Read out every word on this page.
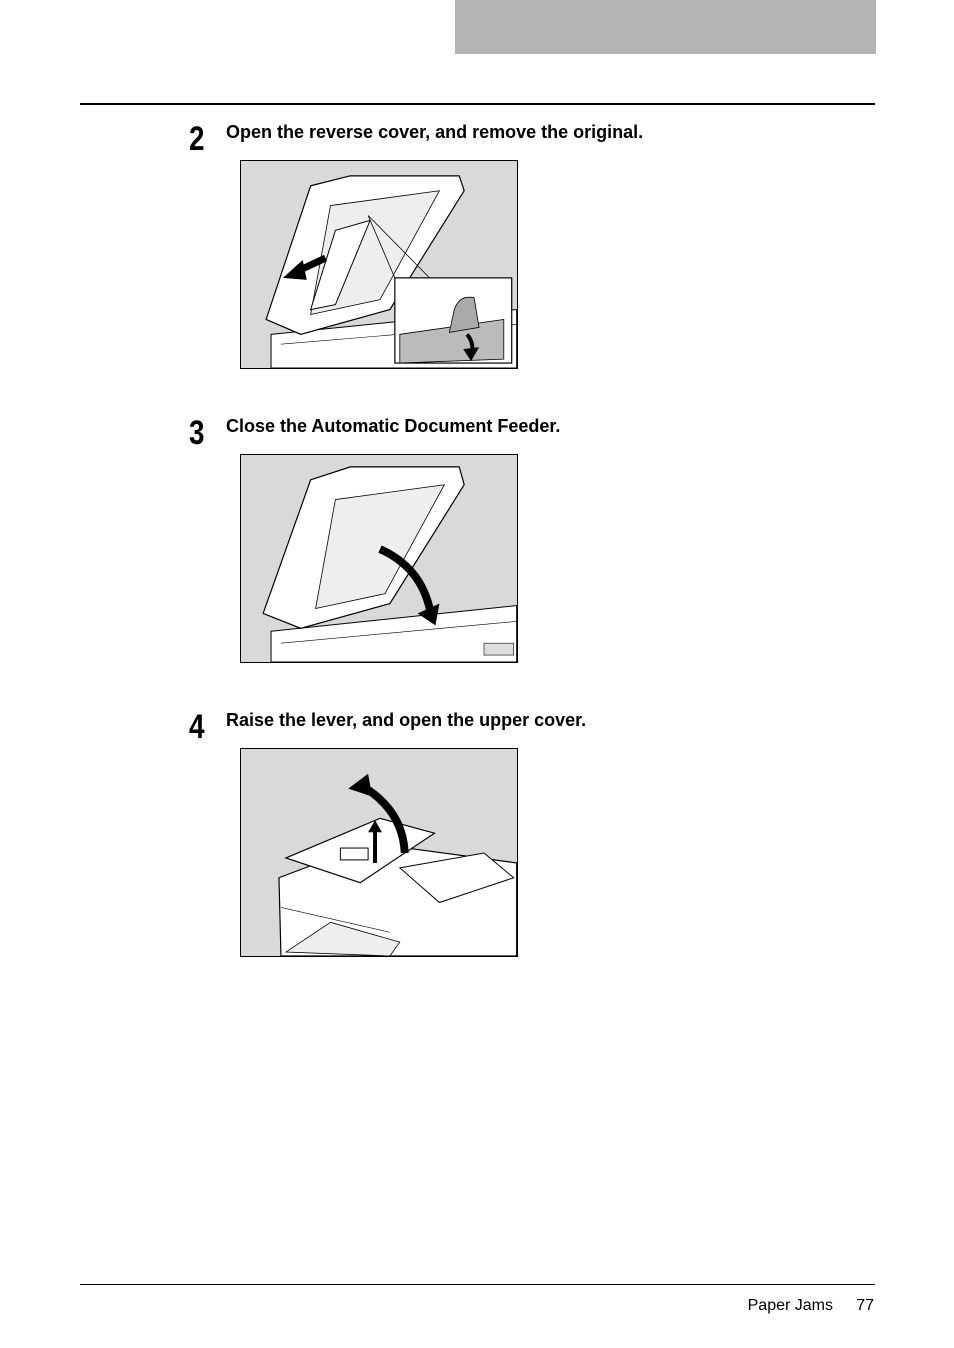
2 Open the reverse cover, and remove the original.
3 Close the Automatic Document Feeder.
4 Raise the lever, and open the upper cover.
Paper Jams 77
